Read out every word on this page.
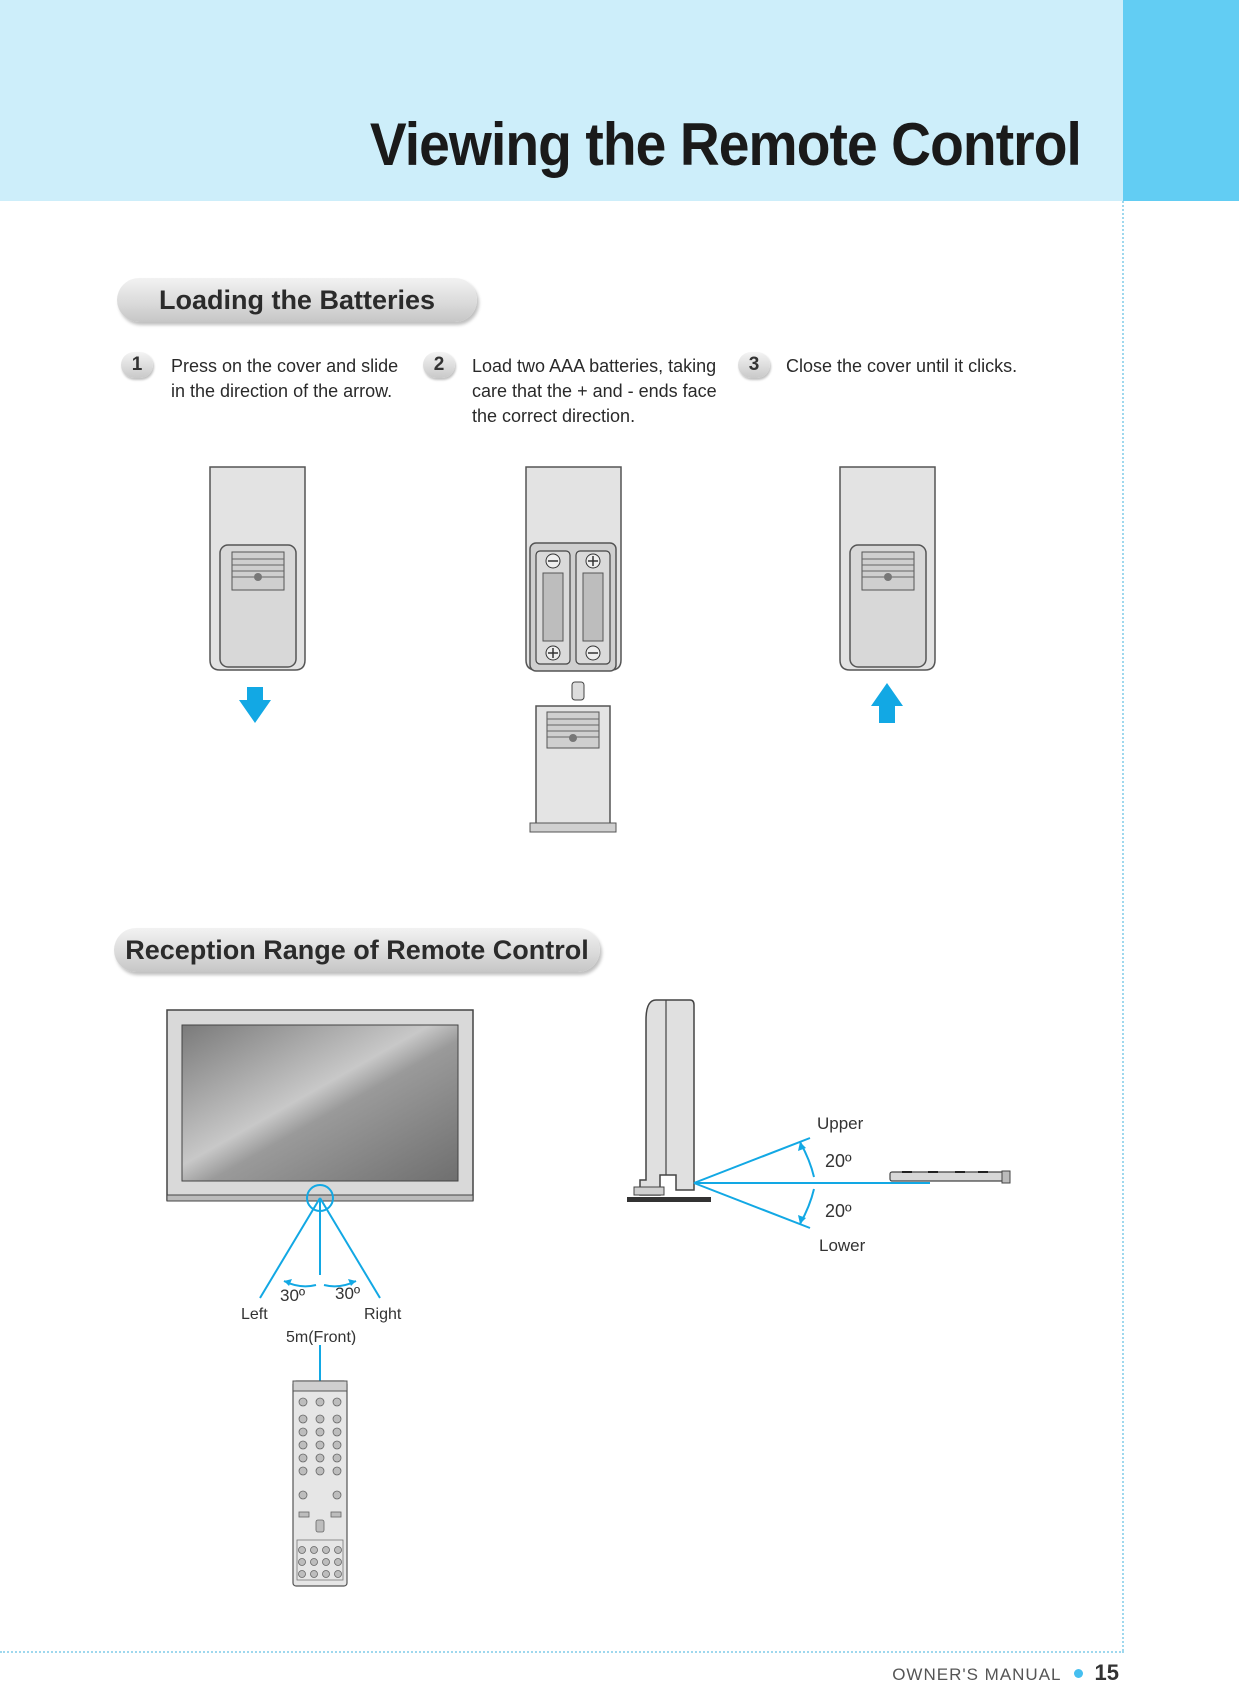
Viewing the Remote Control
Loading the Batteries
1	Press on the cover and slide
in the direction of the arrow.
2	Load two AAA batteries, taking
care that the + and - ends face
the correct direction.
3	Close the cover until it clicks.
Reception Range of Remote Control
30º 30º
Left	Right
5m(Front)
Upper
20º
20º
Lower
OWNER'S MANUAL 15
